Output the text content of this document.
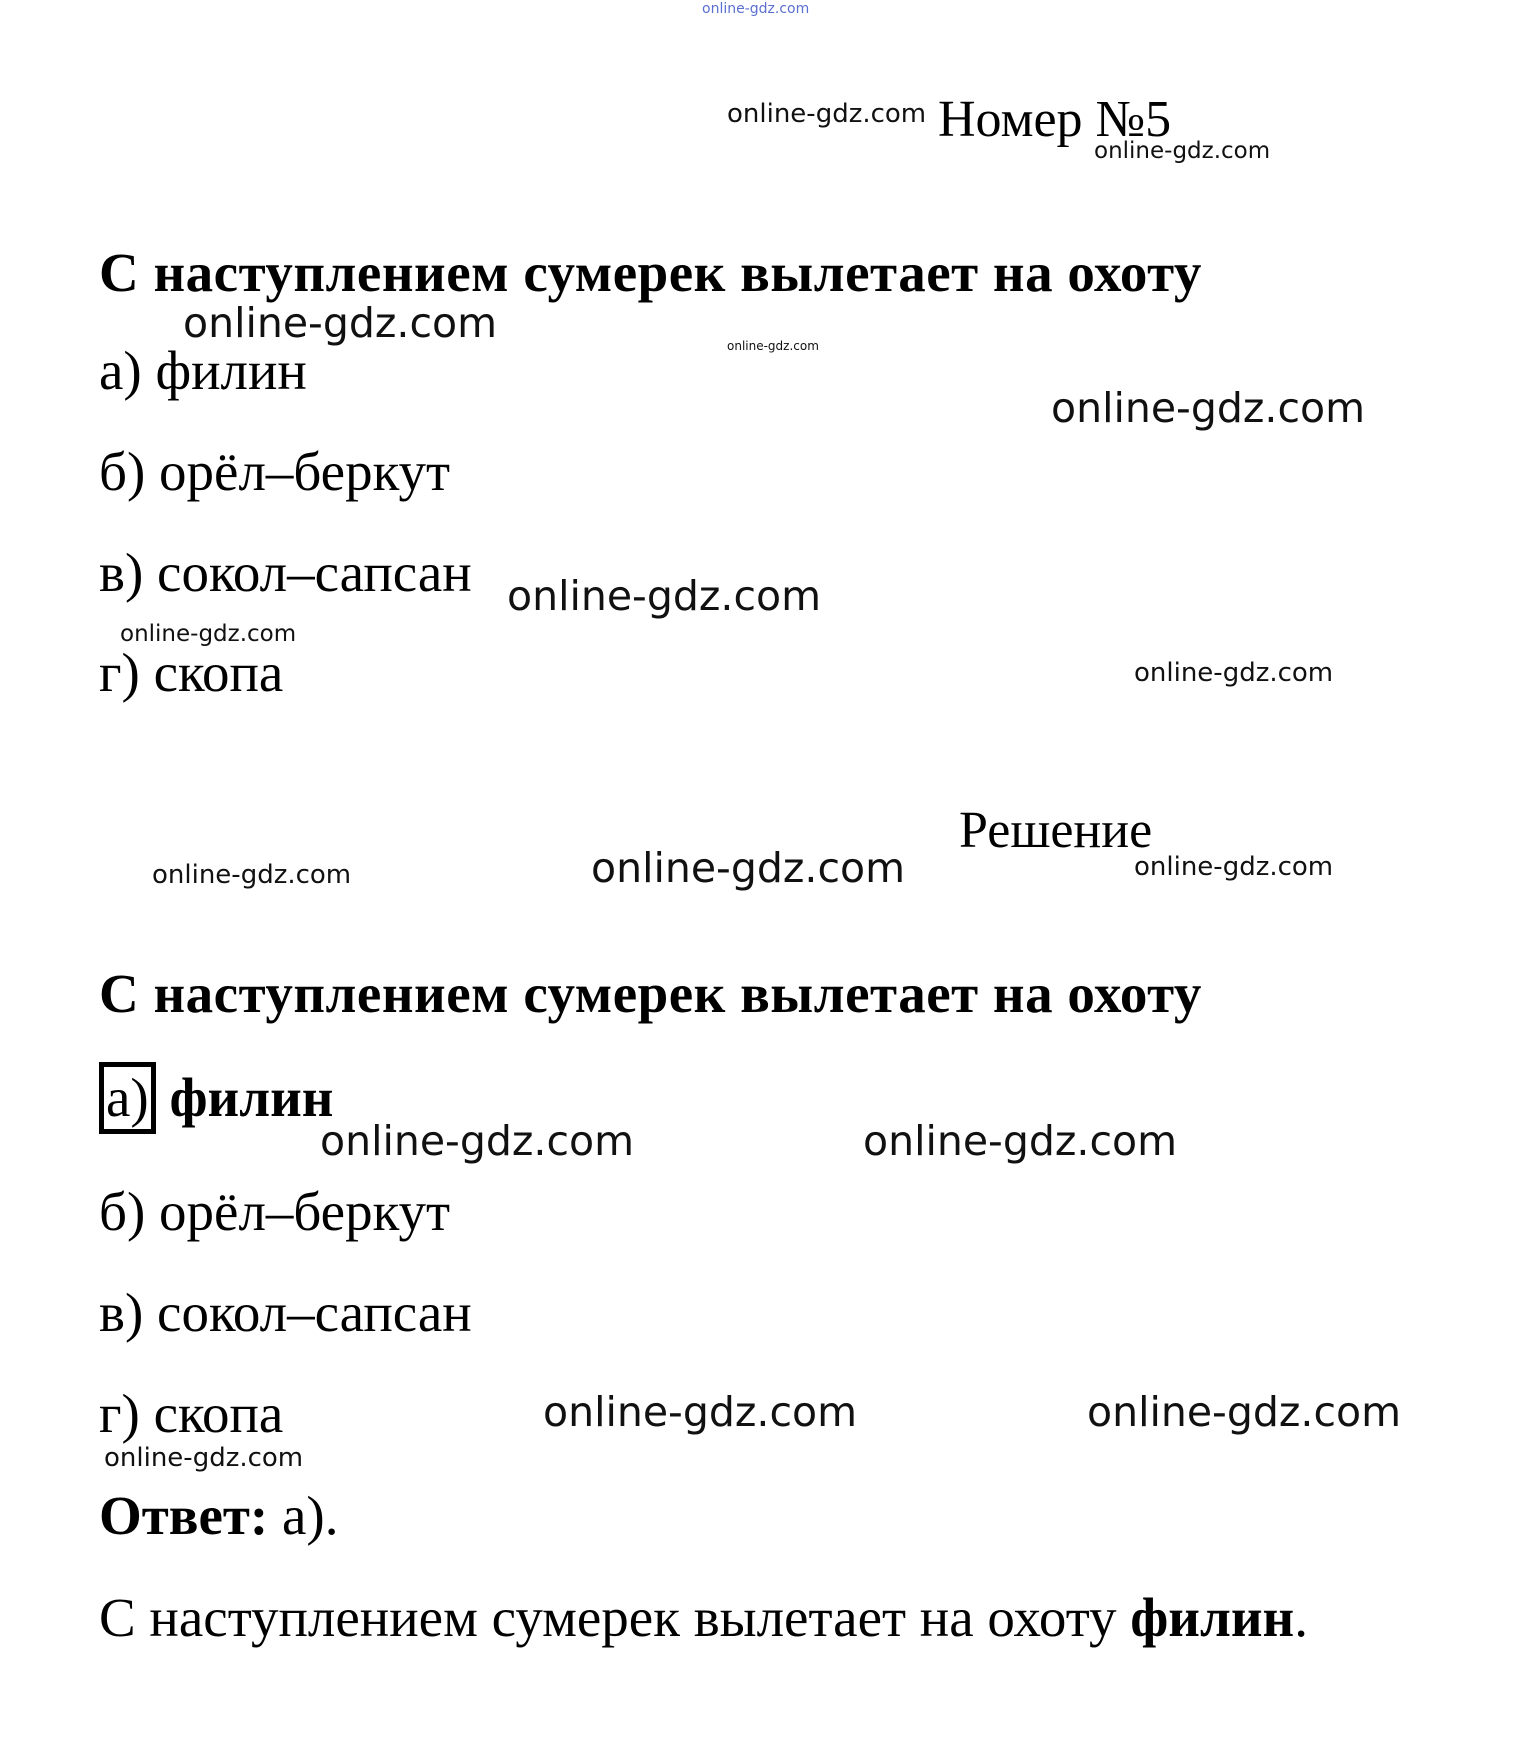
online-gdz.com
Номер №5
online-gdz.com
online-gdz.com
С наступлением сумерек вылетает на охоту
online-gdz.com	online-gdz.com
а) филин
online-gdz.com
б) орёл–беркут
в) сокол–сапсан online-gdz.com
online-gdz.com
г) скопа	online-gdz.com
Решение
online-gdz.com	online-gdz.com	online-gdz.com
С наступлением сумерек вылетает на охоту
а) филин
online-gdz.com	online-gdz.com
б) орёл–беркут
в) сокол–сапсан
г) скопа	online-gdz.com	online-gdz.com
online-gdz.com
Ответ: а).
С наступлением сумерек вылетает на охоту филин.
